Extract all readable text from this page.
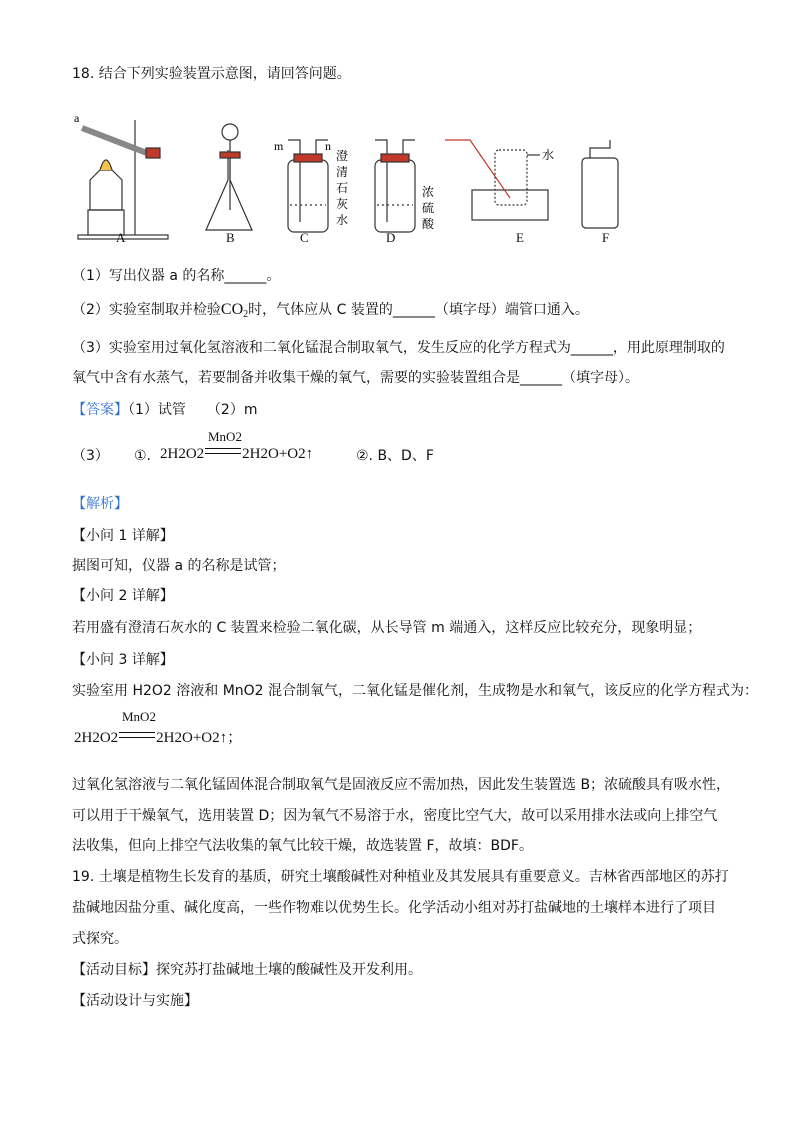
18. 结合下列实验装置示意图，请回答问题。
a
m	n
澄
清
石
灰
水
浓
硫
酸
水
A	B	C	D	E	F
（1）写出仪器 a 的名称______。
（2）实验室制取并检验$CO_2$时，气体应从 C 装置的______（填字母）端管口通入。
（3）实验室用过氧化氢溶液和二氧化锰混合制取氧气，发生反应的化学方程式为______，用此原理制取的
氧气中含有水蒸气，若要制备并收集干燥的氧气，需要的实验装置组合是______（填字母）。
【答案】（1）试管　　（2）m
（3） ①.
MnO2
2H2O2	2H2O+O2↑	②. B、D、F
【解析】
【小问 1 详解】
据图可知，仪器 a 的名称是试管；
【小问 2 详解】
若用盛有澄清石灰水的 C 装置来检验二氧化碳，从长导管 m 端通入，这样反应比较充分，现象明显；
【小问 3 详解】
实验室用 H2O2 溶液和 MnO2 混合制氧气，二氧化锰是催化剂，生成物是水和氧气，该反应的化学方程式为：
MnO2
2H2O2	2H2O+O2↑；
过氧化氢溶液与二氧化锰固体混合制取氧气是固液反应不需加热，因此发生装置选 B；浓硫酸具有吸水性，
可以用于干燥氧气，选用装置 D；因为氧气不易溶于水，密度比空气大，故可以采用排水法或向上排空气
法收集，但向上排空气法收集的氧气比较干燥，故选装置 F，故填：BDF。
19. 土壤是植物生长发育的基质，研究土壤酸碱性对种植业及其发展具有重要意义。吉林省西部地区的苏打
盐碱地因盐分重、碱化度高，一些作物难以优势生长。化学活动小组对苏打盐碱地的土壤样本进行了项目
式探究。
【活动目标】探究苏打盐碱地土壤的酸碱性及开发利用。
【活动设计与实施】
